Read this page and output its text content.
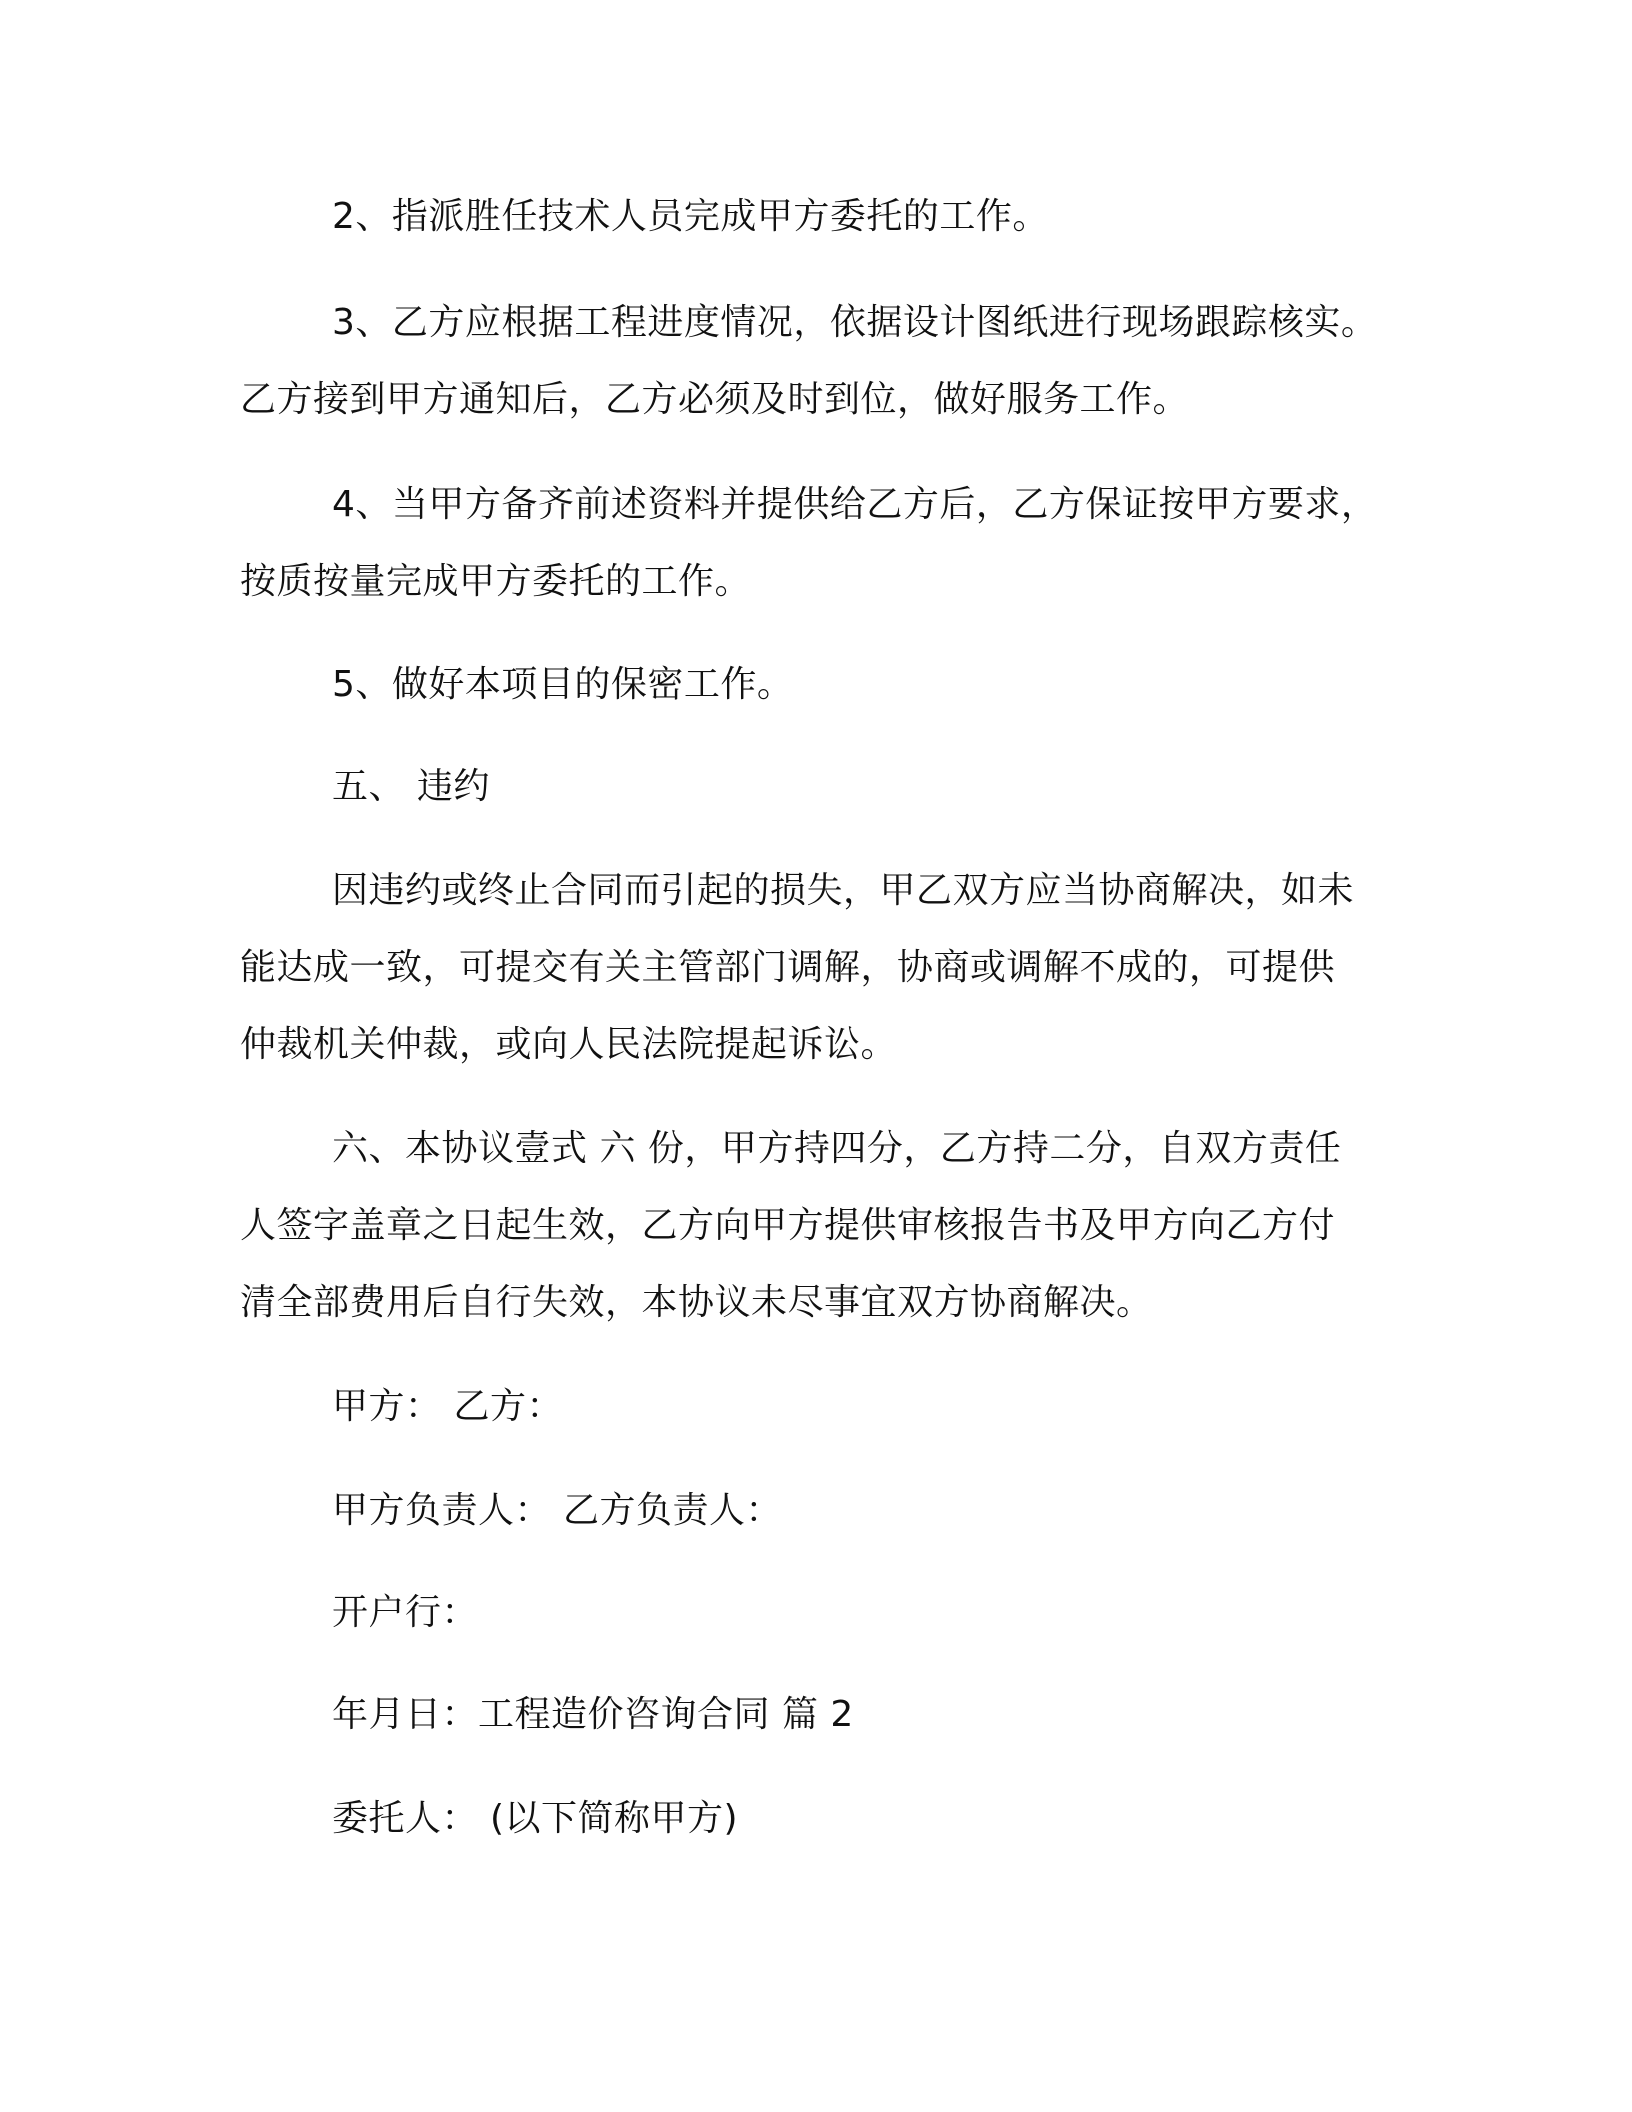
2、指派胜任技术人员完成甲方委托的工作。
3、乙方应根据工程进度情况，依据设计图纸进行现场跟踪核实。
乙方接到甲方通知后，乙方必须及时到位，做好服务工作。
4、当甲方备齐前述资料并提供给乙方后，乙方保证按甲方要求，
按质按量完成甲方委托的工作。
5、做好本项目的保密工作。
五、 违约
因违约或终止合同而引起的损失，甲乙双方应当协商解决，如未
能达成一致，可提交有关主管部门调解，协商或调解不成的，可提供
仲裁机关仲裁，或向人民法院提起诉讼。
六、本协议壹式 六 份，甲方持四分，乙方持二分，自双方责任
人签字盖章之日起生效，乙方向甲方提供审核报告书及甲方向乙方付
清全部费用后自行失效，本协议未尽事宜双方协商解决。
甲方： 乙方：
甲方负责人： 乙方负责人：
开户行：
年月日：工程造价咨询合同 篇 2
委托人： (以下简称甲方)
